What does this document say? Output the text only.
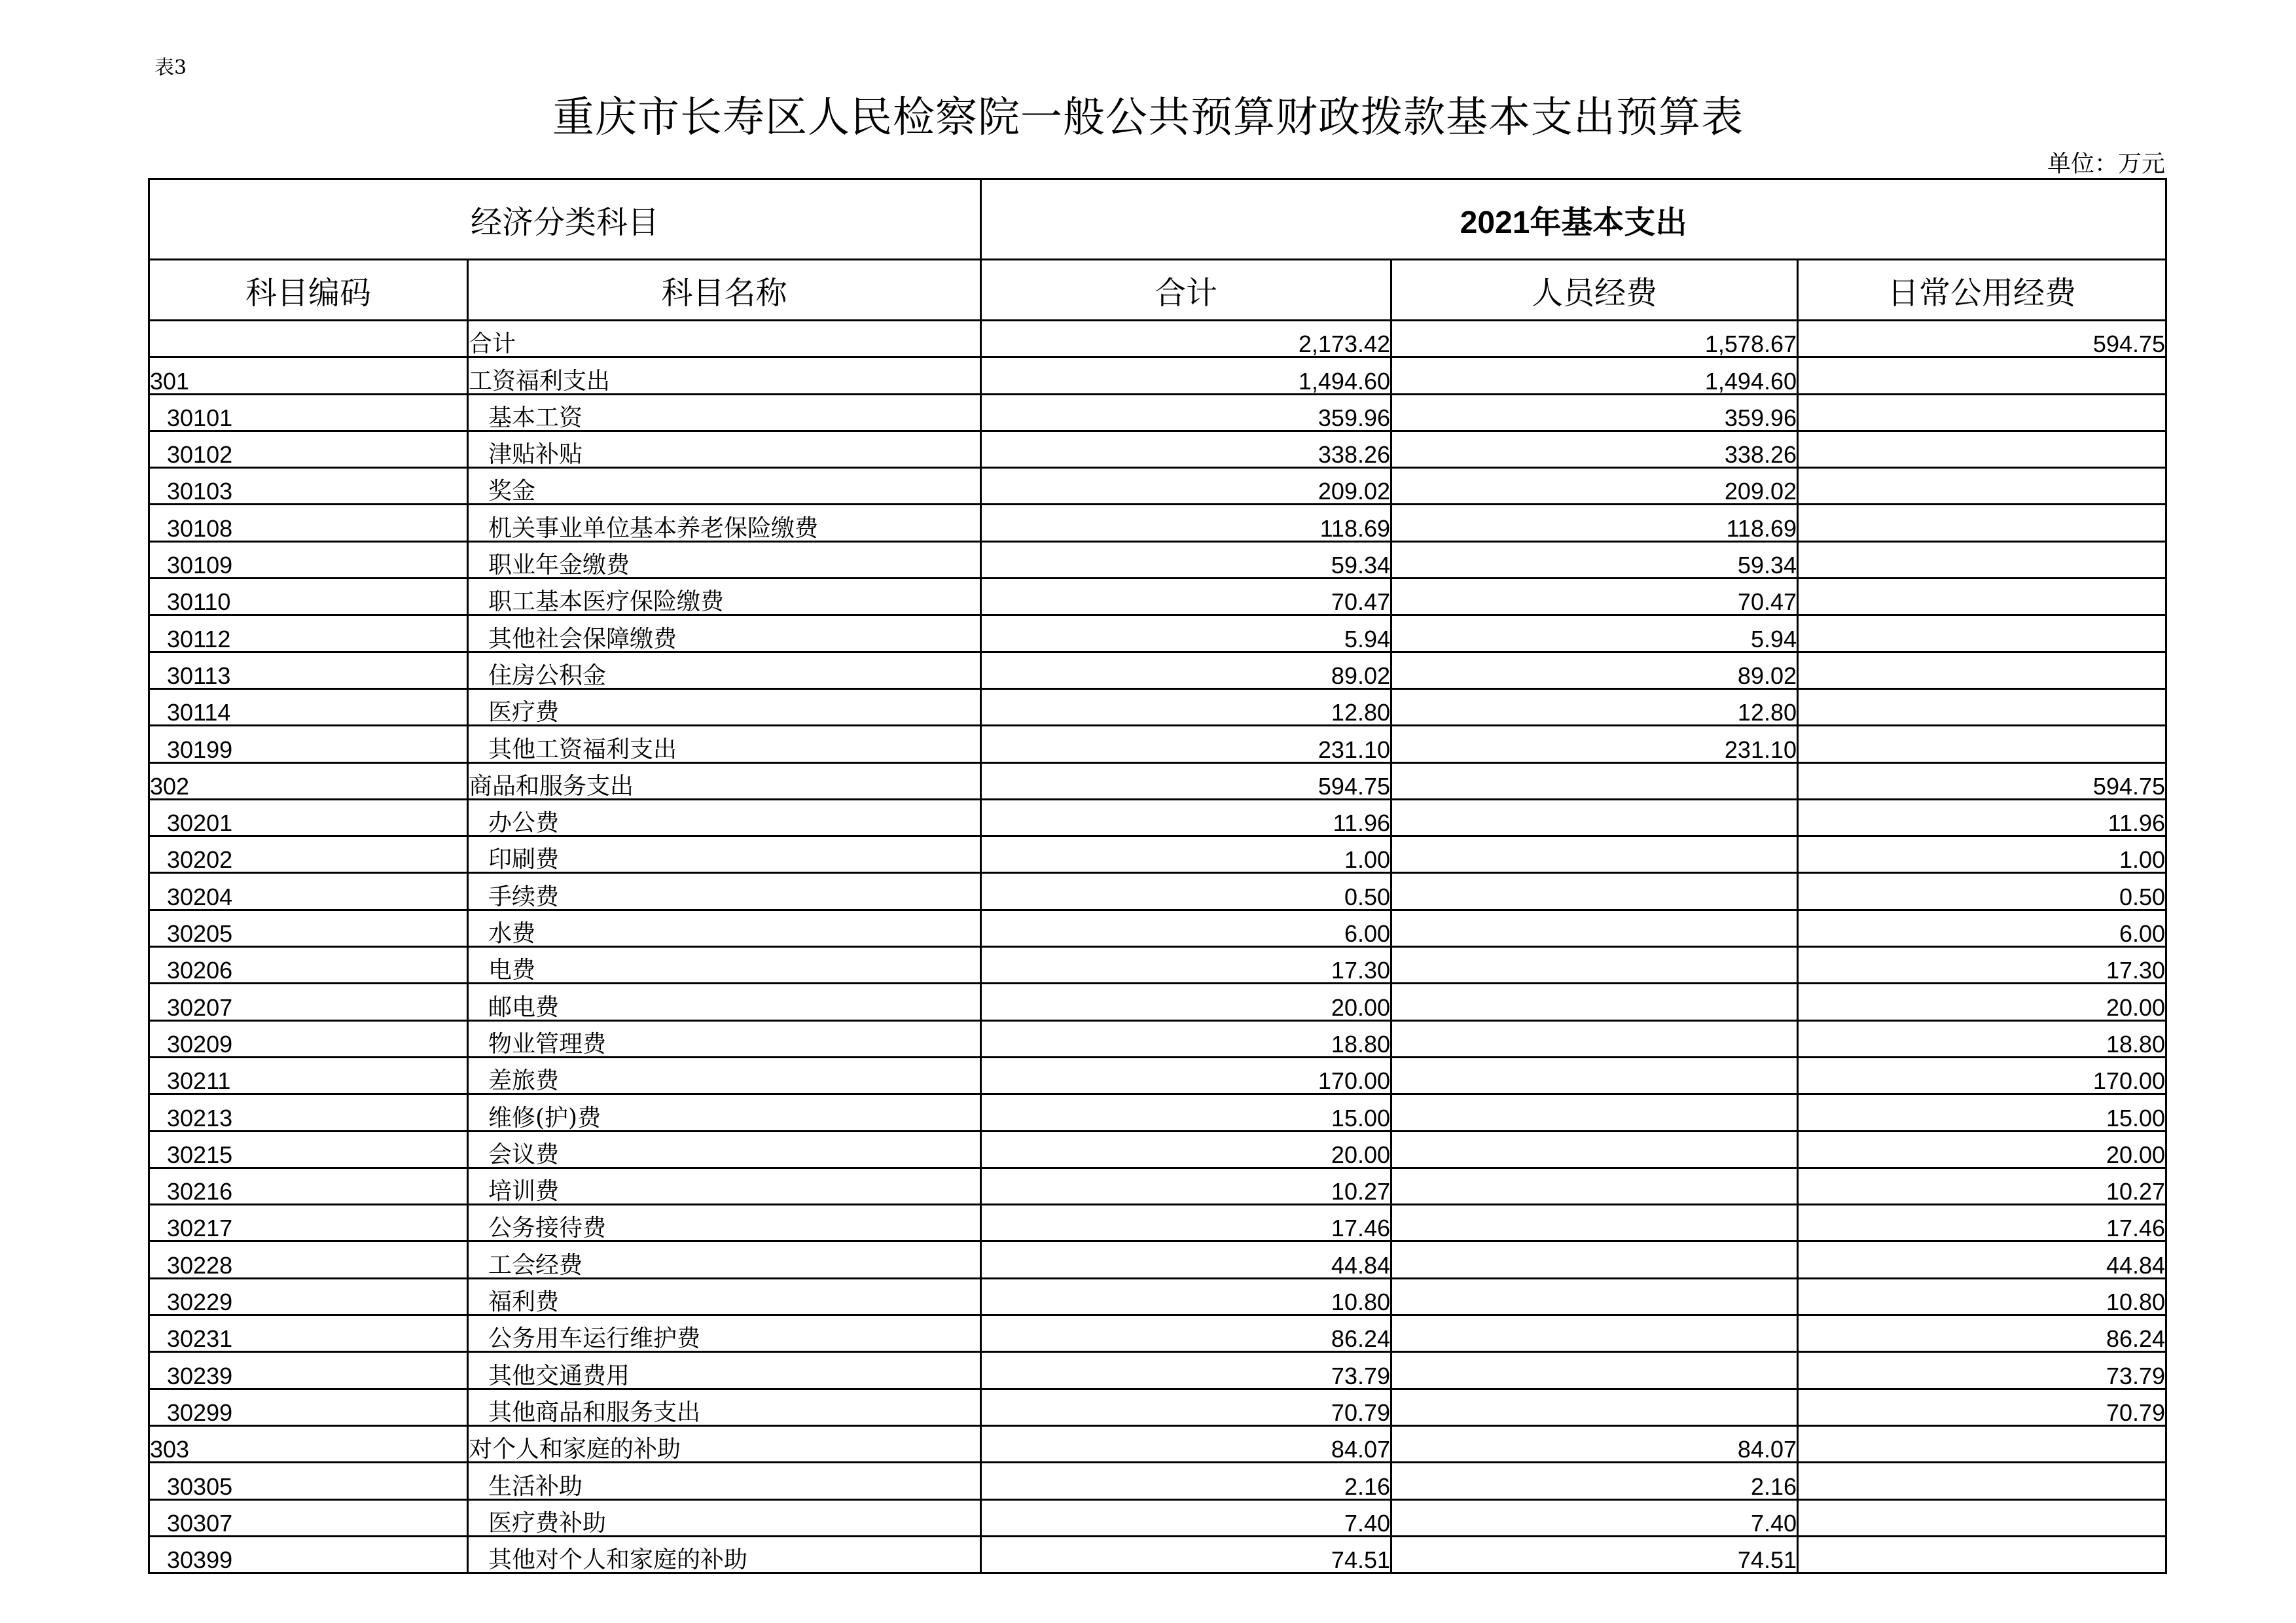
表3
重庆市长寿区人民检察院一般公共预算财政拨款基本支出预算表
单位：万元
经济分类科目		2021年基本支出		
科目编码	科目名称	合计	人员经费	日常公用经费
	合计	2,173.42	1,578.67	594.75
301	工资福利支出	1,494.60	1,494.60	
30101	基本工资	359.96	359.96	
30102	津贴补贴	338.26	338.26	
30103	奖金	209.02	209.02	
30108	机关事业单位基本养老保险缴费	118.69	118.69	
30109	职业年金缴费	59.34	59.34	
30110	职工基本医疗保险缴费	70.47	70.47	
30112	其他社会保障缴费	5.94	5.94	
30113	住房公积金	89.02	89.02	
30114	医疗费	12.80	12.80	
30199	其他工资福利支出	231.10	231.10	
302	商品和服务支出	594.75		594.75
30201	办公费	11.96		11.96
30202	印刷费	1.00		1.00
30204	手续费	0.50		0.50
30205	水费	6.00		6.00
30206	电费	17.30		17.30
30207	邮电费	20.00		20.00
30209	物业管理费	18.80		18.80
30211	差旅费	170.00		170.00
30213	维修(护)费	15.00		15.00
30215	会议费	20.00		20.00
30216	培训费	10.27		10.27
30217	公务接待费	17.46		17.46
30228	工会经费	44.84		44.84
30229	福利费	10.80		10.80
30231	公务用车运行维护费	86.24		86.24
30239	其他交通费用	73.79		73.79
30299	其他商品和服务支出	70.79		70.79
303	对个人和家庭的补助	84.07	84.07	
30305	生活补助	2.16	2.16	
30307	医疗费补助	7.40	7.40	
30399	其他对个人和家庭的补助	74.51	74.51	
